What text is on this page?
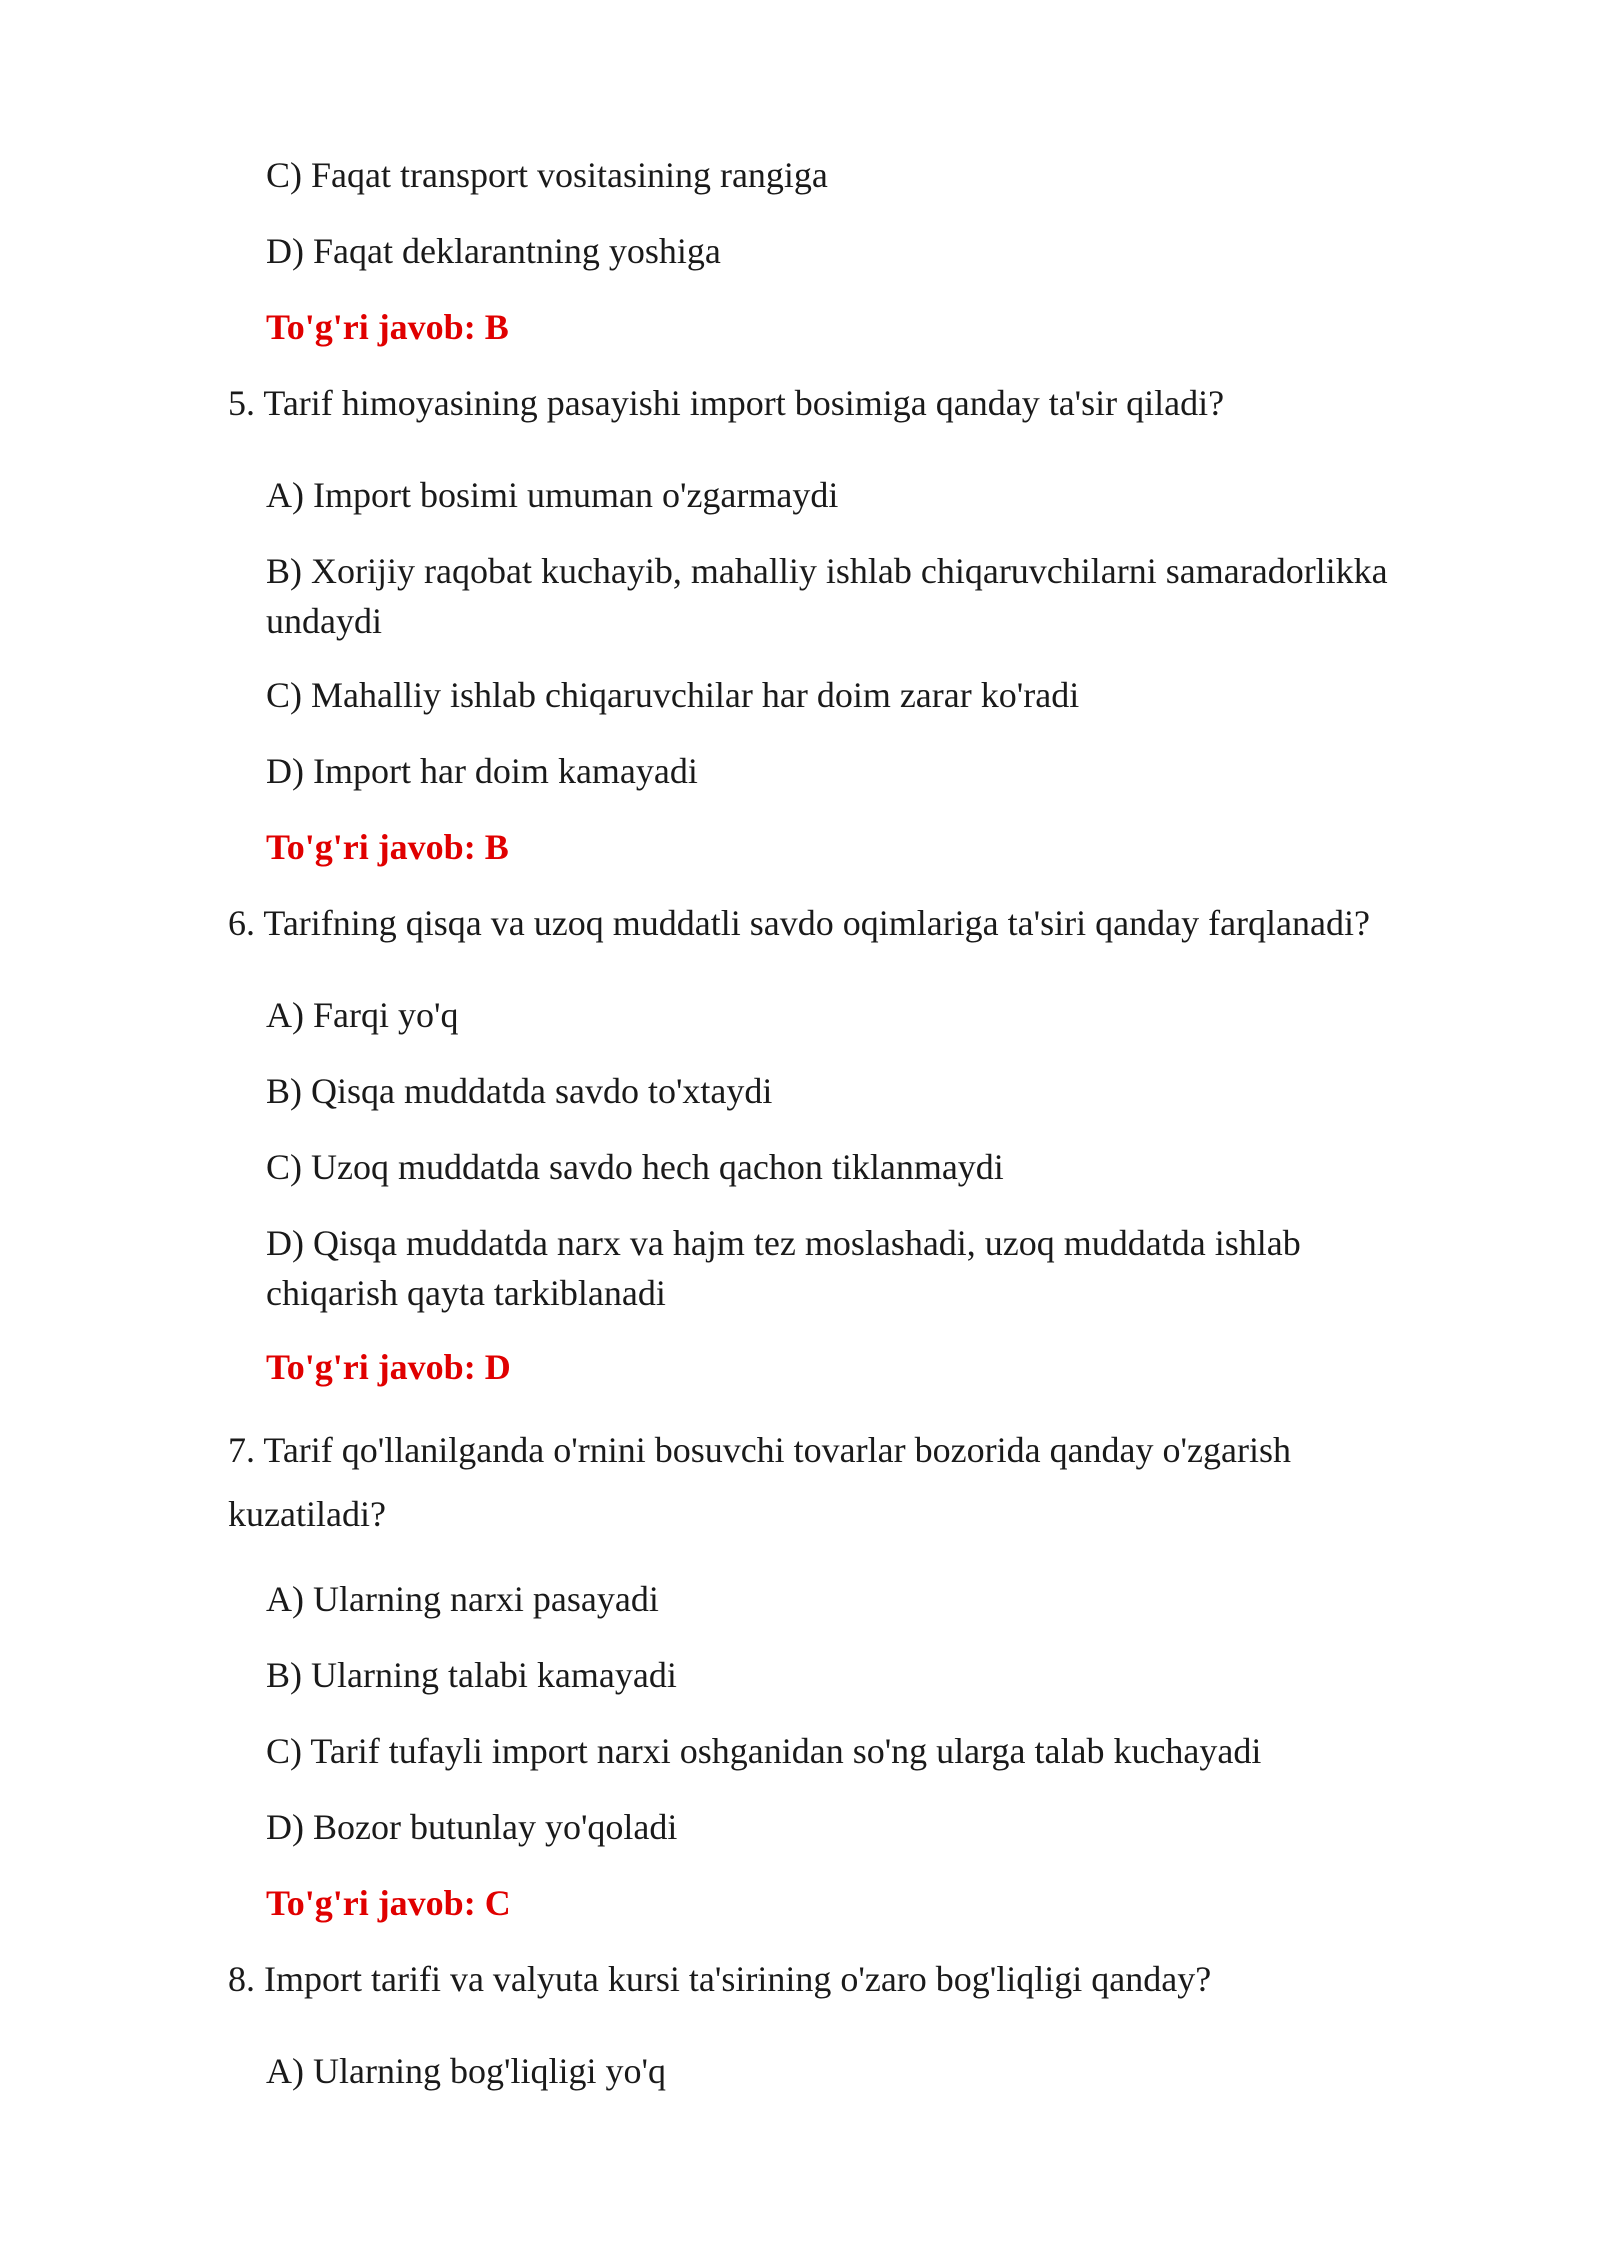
C) Faqat transport vositasining rangiga
D) Faqat deklarantning yoshiga
To'g'ri javob: B
5. Tarif himoyasining pasayishi import bosimiga qanday ta'sir qiladi?
A) Import bosimi umuman o'zgarmaydi
B) Xorijiy raqobat kuchayib, mahalliy ishlab chiqaruvchilarni samaradorlikka undaydi
C) Mahalliy ishlab chiqaruvchilar har doim zarar ko'radi
D) Import har doim kamayadi
To'g'ri javob: B
6. Tarifning qisqa va uzoq muddatli savdo oqimlariga ta'siri qanday farqlanadi?
A) Farqi yo'q
B) Qisqa muddatda savdo to'xtaydi
C) Uzoq muddatda savdo hech qachon tiklanmaydi
D) Qisqa muddatda narx va hajm tez moslashadi, uzoq muddatda ishlab chiqarish qayta tarkiblanadi
To'g'ri javob: D
7. Tarif qo'llanilganda o'rnini bosuvchi tovarlar bozorida qanday o'zgarish kuzatiladi?
A) Ularning narxi pasayadi
B) Ularning talabi kamayadi
C) Tarif tufayli import narxi oshganidan so'ng ularga talab kuchayadi
D) Bozor butunlay yo'qoladi
To'g'ri javob: C
8. Import tarifi va valyuta kursi ta'sirining o'zaro bog'liqligi qanday?
A) Ularning bog'liqligi yo'q
